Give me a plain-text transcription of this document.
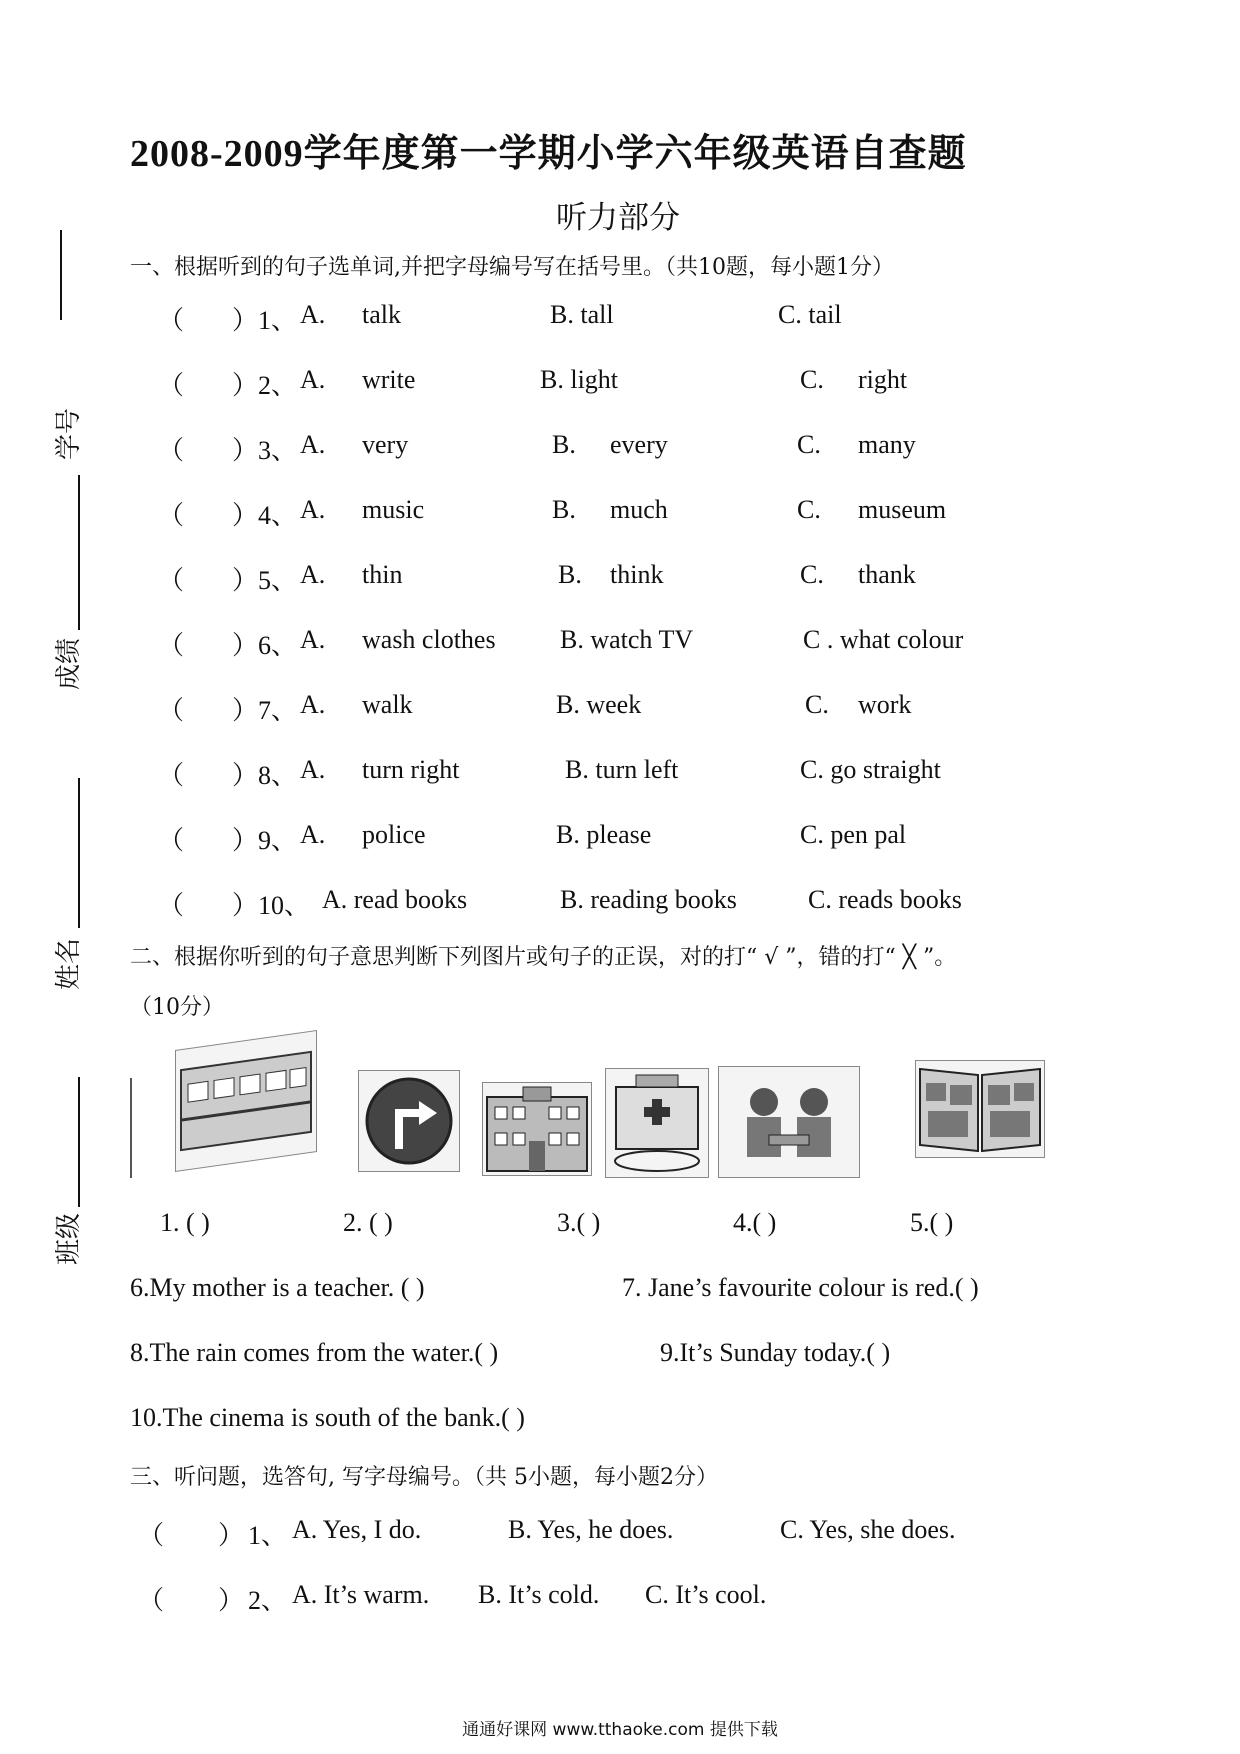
2008-2009学年度第一学期小学六年级英语自查题
听力部分
学号
成绩
姓名
班级
一、根据听到的句子选单词,并把字母编号写在括号里。（共10题，每小题1分）
（ ） 1、 A. talk	B. tall	C. tail
（ ） 2、 A. write	B. light	C. right
（ ） 3、 A. very	B. every	C. many
（ ） 4、 A. music	B. much	C. museum
（ ） 5、 A. thin	B. think	C. thank
（ ） 6、 A. wash clothes B. watch TV	C . what colour
（ ） 7、 A. walk	B. week	C. work
（ ） 8、 A. turn right	B. turn left	C. go straight
（ ） 9、 A. police	B. please	C. pen pal
（ ） 10、 A. read books	B. reading books	C. reads books
二、根据你听到的句子意思判断下列图片或句子的正误，对的打“ √ ”，错的打“ ╳ ”。
（10分）
1. ( )	2. ( )	3.( )	4.( )	5.( )
6.My mother is a teacher. ( )	7. Jane’s favourite colour is red.( )
8.The rain comes from the water.( )	9.It’s Sunday today.( )
10.The cinema is south of the bank.( )
三、听问题，选答句, 写字母编号。（共 5小题，每小题2分）
（ ） 1、 A. Yes, I do.	B. Yes, he does.	C. Yes, she does.
（ ） 2、 A. It’s warm. B. It’s cold. C. It’s cool.
通通好课网 www.tthaoke.com 提供下载
